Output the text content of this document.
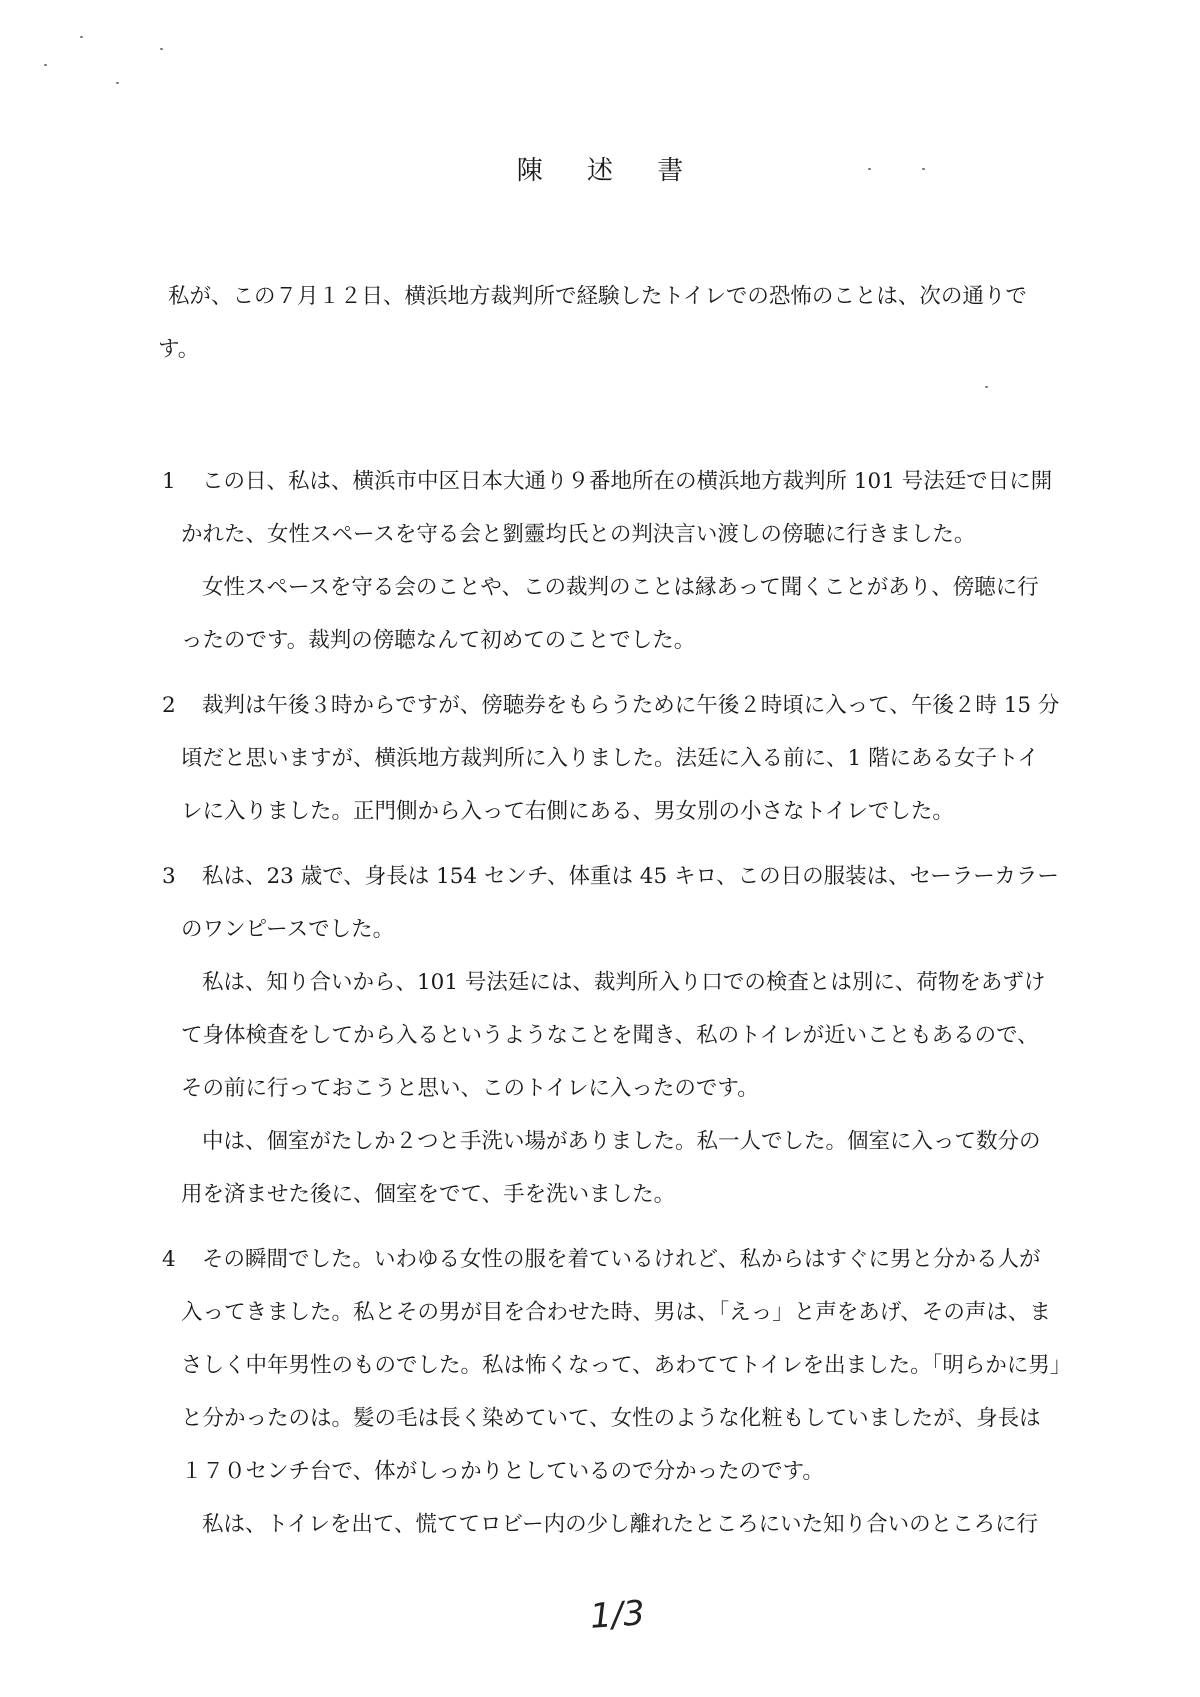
陳 述 書
私が、この７月１２日、横浜地方裁判所で経験したトイレでの恐怖のことは、次の通りで
す。
1 この日、私は、横浜市中区日本大通り９番地所在の横浜地方裁判所 101 号法廷で日に開
かれた、女性スペースを守る会と劉靈均氏との判決言い渡しの傍聴に行きました。
女性スペースを守る会のことや、この裁判のことは縁あって聞くことがあり、傍聴に行
ったのです。裁判の傍聴なんて初めてのことでした。
2 裁判は午後３時からですが、傍聴券をもらうために午後２時頃に入って、午後２時 15 分
頃だと思いますが、横浜地方裁判所に入りました。法廷に入る前に、1 階にある女子トイ
レに入りました。正門側から入って右側にある、男女別の小さなトイレでした。
3 私は、23 歳で、身長は 154 センチ、体重は 45 キロ、この日の服装は、セーラーカラー
のワンピースでした。
私は、知り合いから、101 号法廷には、裁判所入り口での検査とは別に、荷物をあずけ
て身体検査をしてから入るというようなことを聞き、私のトイレが近いこともあるので、
その前に行っておこうと思い、このトイレに入ったのです。
中は、個室がたしか２つと手洗い場がありました。私一人でした。個室に入って数分の
用を済ませた後に、個室をでて、手を洗いました。
4 その瞬間でした。いわゆる女性の服を着ているけれど、私からはすぐに男と分かる人が
入ってきました。私とその男が目を合わせた時、男は、「えっ」と声をあげ、その声は、ま
さしく中年男性のものでした。私は怖くなって、あわててトイレを出ました。「明らかに男」
と分かったのは。髪の毛は長く染めていて、女性のような化粧もしていましたが、身長は
１７０センチ台で、体がしっかりとしているので分かったのです。
私は、トイレを出て、慌ててロビー内の少し離れたところにいた知り合いのところに行
1/3
